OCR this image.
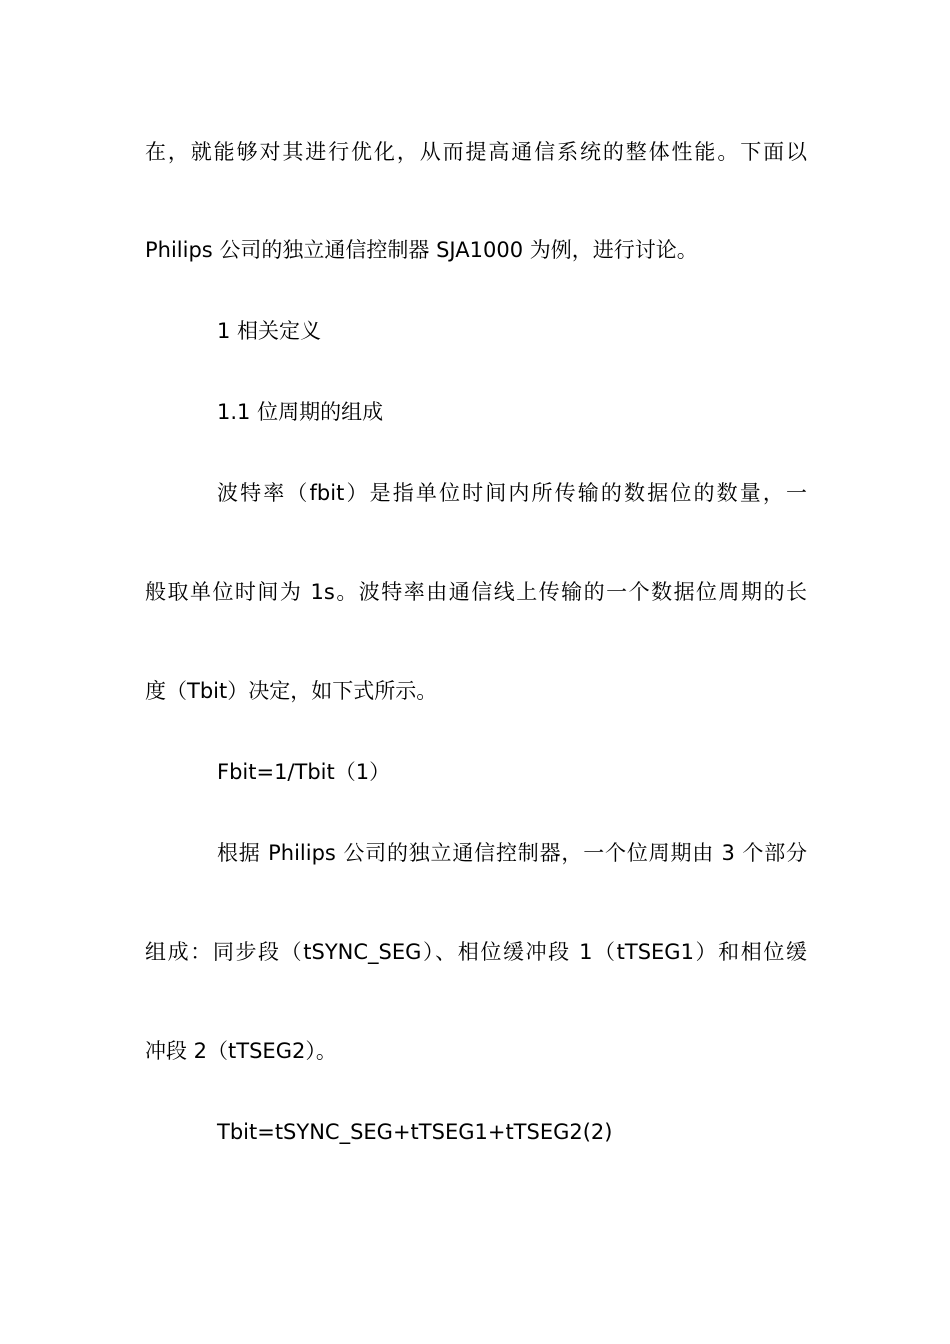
在，就能够对其进行优化，从而提高通信系统的整体性能。下面以

Philips 公司的独立通信控制器 SJA1000 为例，进行讨论。

1 相关定义

1.1 位周期的组成

波特率（fbit）是指单位时间内所传输的数据位的数量，一

般取单位时间为 1s。波特率由通信线上传输的一个数据位周期的长

度（Tbit）决定，如下式所示。

Fbit=1/Tbit（1）

根据 Philips 公司的独立通信控制器，一个位周期由 3 个部分

组成：同步段（tSYNC_SEG）、相位缓冲段 1（tTSEG1）和相位缓

冲段 2（tTSEG2）。

Tbit=tSYNC_SEG+tTSEG1+tTSEG2(2)
